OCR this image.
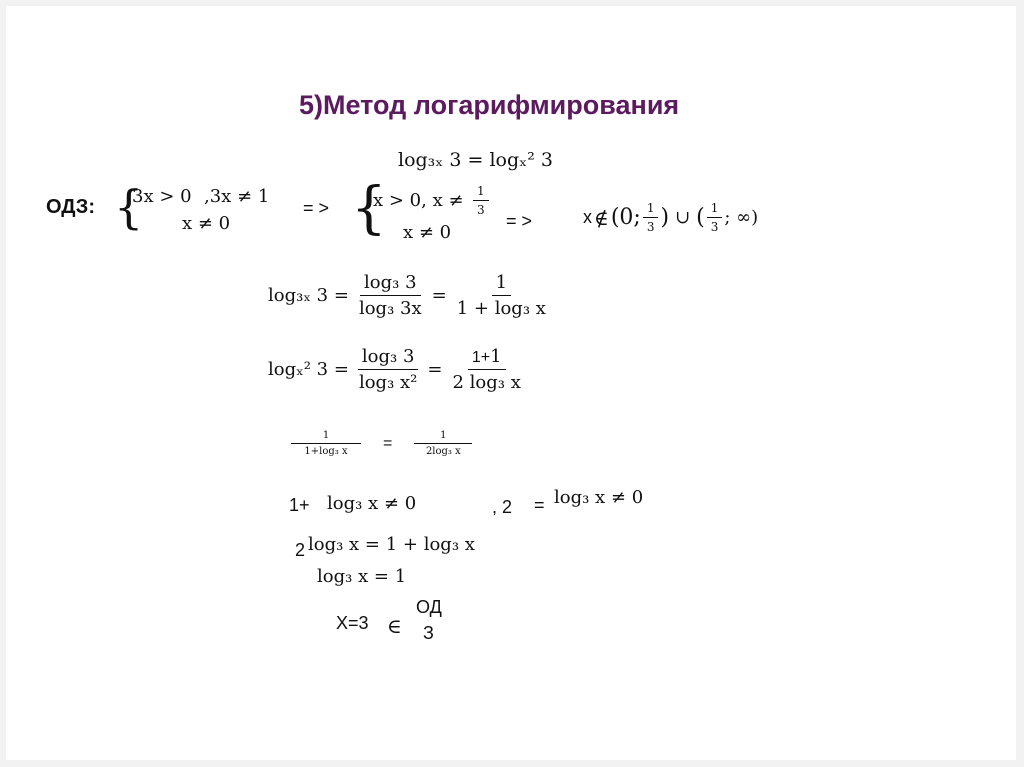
5)Метод логарифмирования
log₃ₓ 3 = logₓ² 3
ОДЗ: {
3x > 0 ,3x ≠ 1
x ≠ 0
= > {
x > 0, $x \ne \frac{1}{3}$
x ≠ 0
= >	x ∉ (0; $\frac{1}{3}$ ) ∪ ( $\frac{1}{3}$ ; ∞)
log₃ₓ $3 = \frac{\text{log₃ 3}}{\text{log₃ 3x}} = \frac{1}{\text{1 + log₃ x}}$
logₓ² $3 = \frac{\text{log₃ 3}}{\text{log₃ x²}} = \frac{1+1}{\text{2 log₃ x}}$
$\frac{1}{\text{1+log₃ x}} = \frac{1}{\text{2log₃ x}}$
1+ log₃ x ≠ 0	, 2 = log₃ x ≠ 0
2 log₃ x = 1 + log₃ x
log₃ x = 1
X=3 ∈
ОД
З
